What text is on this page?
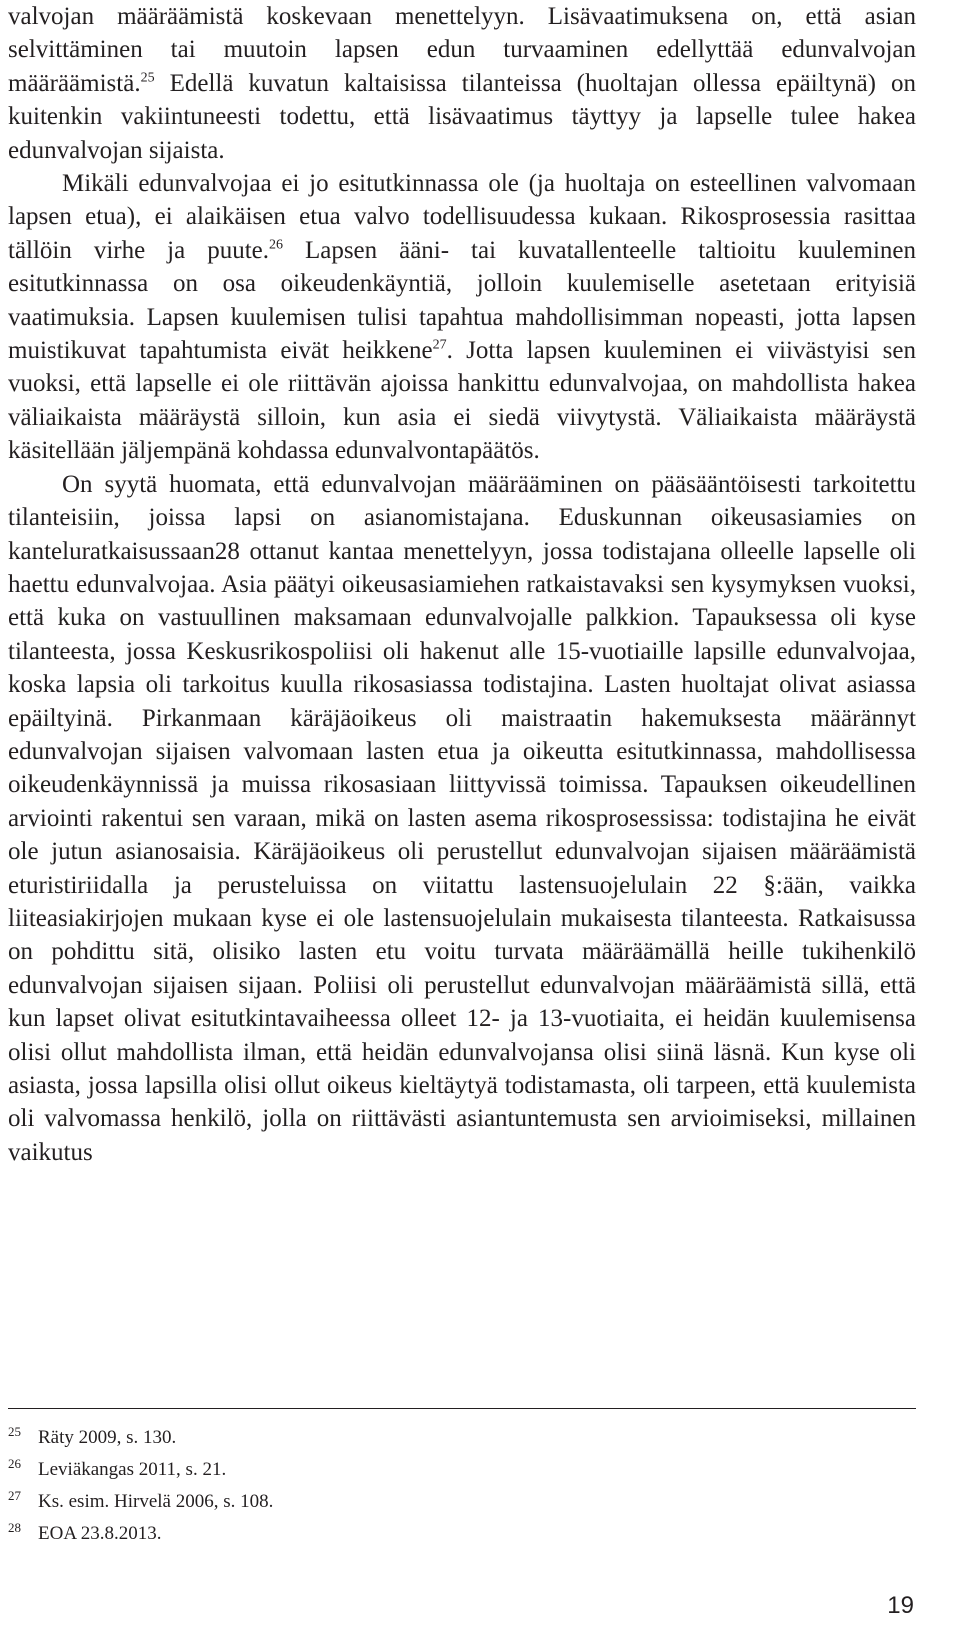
valvojan määräämistä koskevaan menettelyyn. Lisävaatimuksena on, että asian selvittäminen tai muutoin lapsen edun turvaaminen edellyttää edunvalvojan määräämistä.$^{25}$ Edellä kuvatun kaltaisissa tilanteissa (huoltajan ollessa epäiltynä) on kuitenkin vakiintuneesti todettu, että lisävaatimus täyttyy ja lapselle tulee hakea edunvalvojan sijaista.

Mikäli edunvalvojaa ei jo esitutkinnassa ole (ja huoltaja on esteellinen valvomaan lapsen etua), ei alaikäisen etua valvo todellisuudessa kukaan. Rikosprosessia rasittaa tällöin virhe ja puute.$^{26}$ Lapsen ääni- tai kuvatallenteelle taltioitu kuuleminen esitutkinnassa on osa oikeudenkäyntiä, jolloin kuulemiselle asetetaan erityisiä vaatimuksia. Lapsen kuulemisen tulisi tapahtua mahdollisimman nopeasti, jotta lapsen muistikuvat tapahtumista eivät heikkene$^{27}$. Jotta lapsen kuuleminen ei viivästyisi sen vuoksi, että lapselle ei ole riittävän ajoissa hankittu edunvalvojaa, on mahdollista hakea väliaikaista määräystä silloin, kun asia ei siedä viivytystä. Väliaikaista määräystä käsitellään jäljempänä kohdassa edunvalvontapäätös.

On syytä huomata, että edunvalvojan määrääminen on pääsääntöisesti tarkoitettu tilanteisiin, joissa lapsi on asianomistajana. Eduskunnan oikeusasiamies on kanteluratkaisussaan28 ottanut kantaa menettelyyn, jossa todistajana olleelle lapselle oli haettu edunvalvojaa. Asia päätyi oikeusasiamiehen ratkaistavaksi sen kysymyksen vuoksi, että kuka on vastuullinen maksamaan edunvalvojalle palkkion. Tapauksessa oli kyse tilanteesta, jossa Keskusrikospoliisi oli hakenut alle 15-vuotiaille lapsille edunvalvojaa, koska lapsia oli tarkoitus kuulla rikosasiassa todistajina. Lasten huoltajat olivat asiassa epäiltyinä. Pirkanmaan käräjäoikeus oli maistraatin hakemuksesta määrännyt edunvalvojan sijaisen valvomaan lasten etua ja oikeutta esitutkinnassa, mahdollisessa oikeudenkäynnissä ja muissa rikosasiaan liittyvissä toimissa. Tapauksen oikeudellinen arviointi rakentui sen varaan, mikä on lasten asema rikosprosessissa: todistajina he eivät ole jutun asianosaisia. Käräjäoikeus oli perustellut edunvalvojan sijaisen määräämistä eturistiriidalla ja perusteluissa on viitattu lastensuojelulain 22 §:ään, vaikka liiteasiakirjojen mukaan kyse ei ole lastensuojelulain mukaisesta tilanteesta. Ratkaisussa on pohdittu sitä, olisiko lasten etu voitu turvata määräämällä heille tukihenkilö edunvalvojan sijaisen sijaan. Poliisi oli perustellut edunvalvojan määräämistä sillä, että kun lapset olivat esitutkintavaiheessa olleet 12- ja 13-vuotiaita, ei heidän kuulemisensa olisi ollut mahdollista ilman, että heidän edunvalvojansa olisi siinä läsnä. Kun kyse oli asiasta, jossa lapsilla olisi ollut oikeus kieltäytyä todistamasta, oli tarpeen, että kuulemista oli valvomassa henkilö, jolla on riittävästi asiantuntemusta sen arvioimiseksi, millainen vaikutus

25 Räty 2009, s. 130.
26 Leviäkangas 2011, s. 21.
27 Ks. esim. Hirvelä 2006, s. 108.
28 EOA 23.8.2013.
19
